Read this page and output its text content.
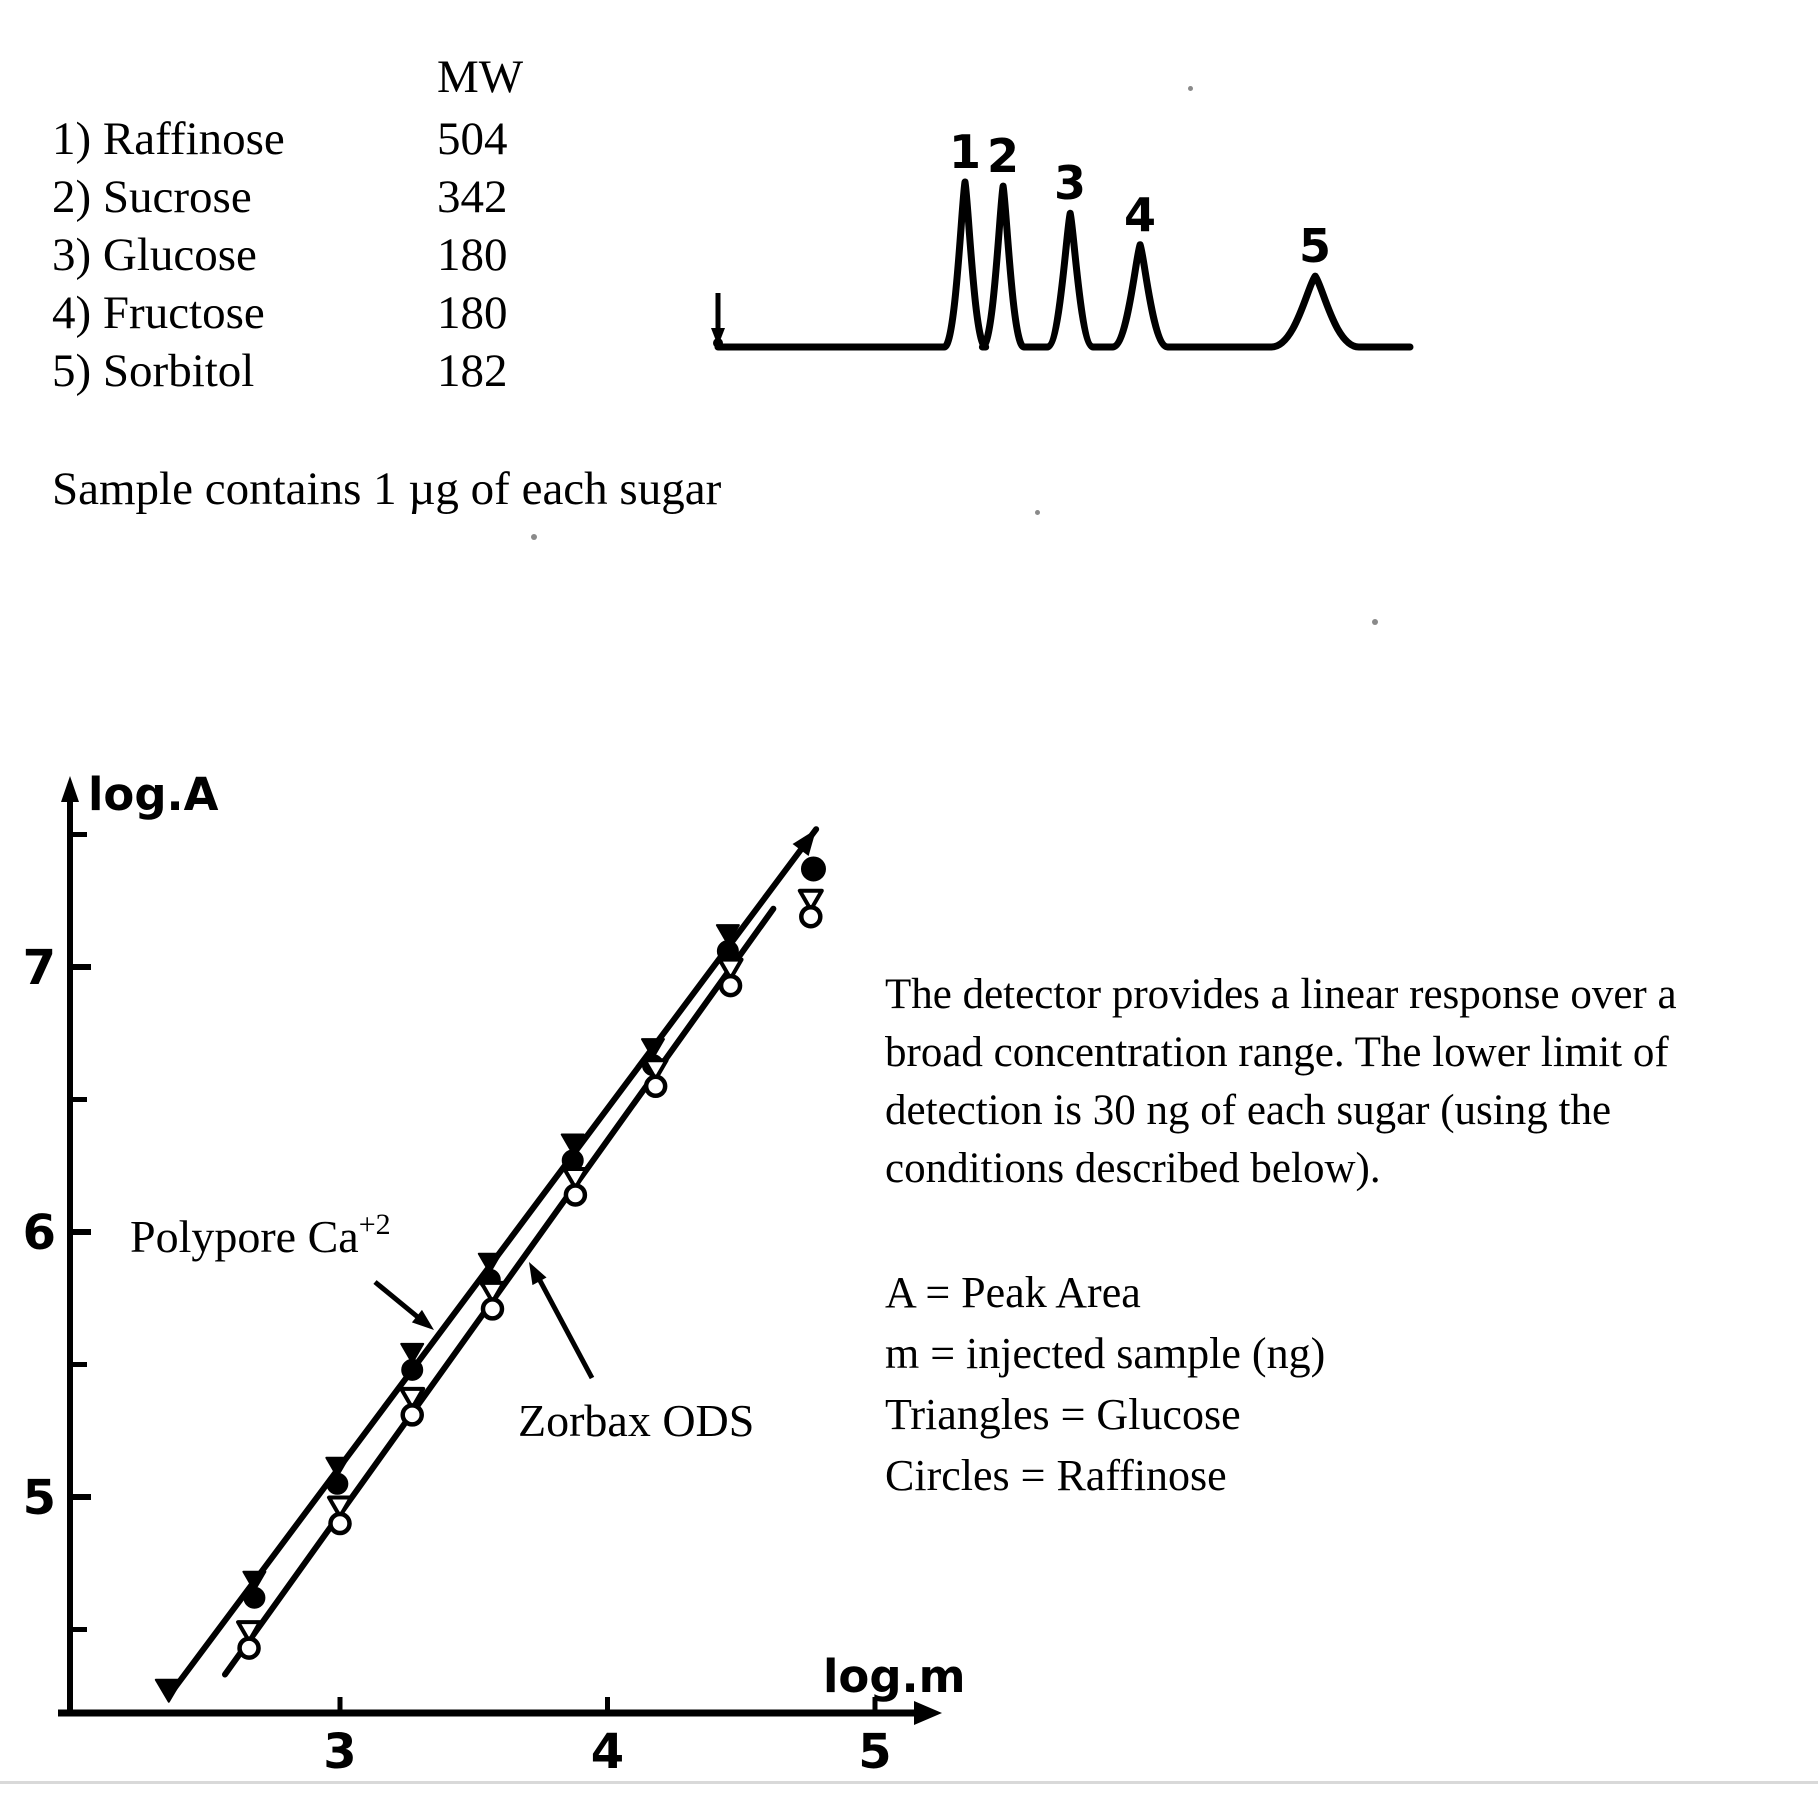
MW
1) Raffinose	504
2) Sucrose	342
3) Glucose	180
4) Fructose	180
5) Sorbitol	182
1 2 3
4
5
Sample contains 1 µg of each sugar
log.A
log.m
7
6
5
3	4	5
Polypore $Ca^{+2}$
Zorbax ODS
The detector provides a linear response over a
broad concentration range. The lower limit of
detection is 30 ng of each sugar (using the
conditions described below).
A = Peak Area
m = injected sample (ng)
Triangles = Glucose
Circles = Raffinose
